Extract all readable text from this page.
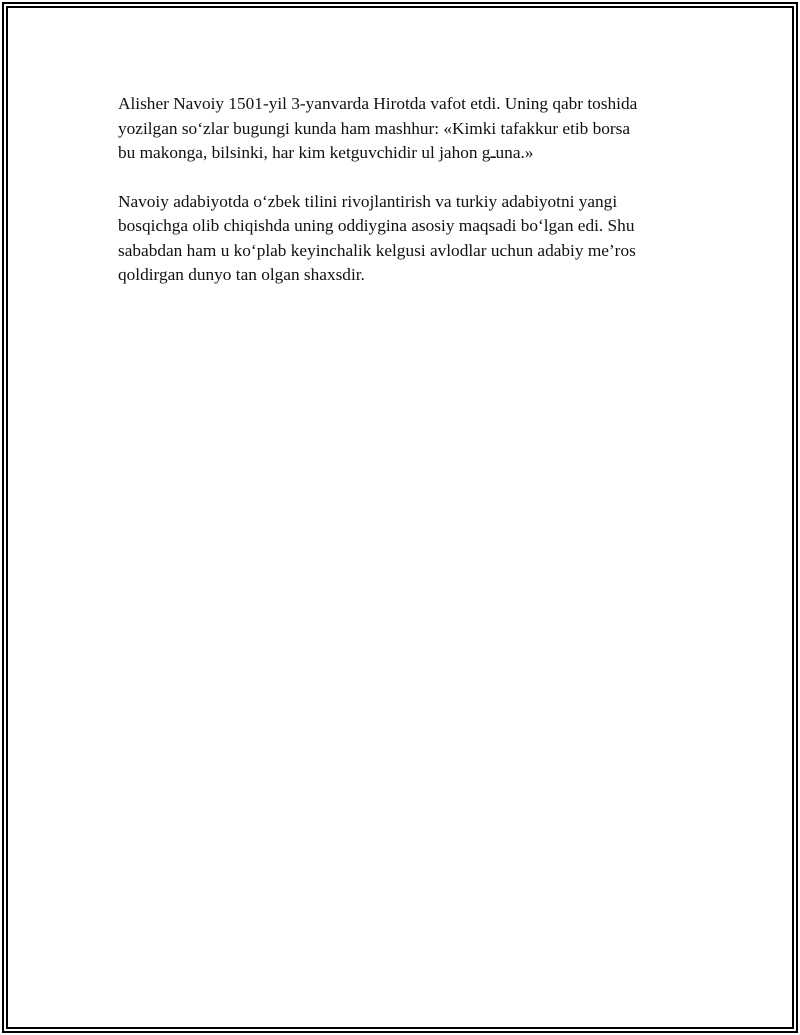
Alisher Navoiy 1501-yil 3-yanvarda Hirotda vafot etdi. Uning qabr toshida
yozilgan so‘zlar bugungi kunda ham mashhur: «Kimki tafakkur etib borsa
bu makonga, bilsinki, har kim ketguvchidir ul jahon gـuna.»

Navoiy adabiyotda o‘zbek tilini rivojlantirish va turkiy adabiyotni yangi
bosqichga olib chiqishda uning oddiygina asosiy maqsadi bo‘lgan edi. Shu
sababdan ham u ko‘plab keyinchalik kelgusi avlodlar uchun adabiy me’ros
qoldirgan dunyo tan olgan shaxsdir.
